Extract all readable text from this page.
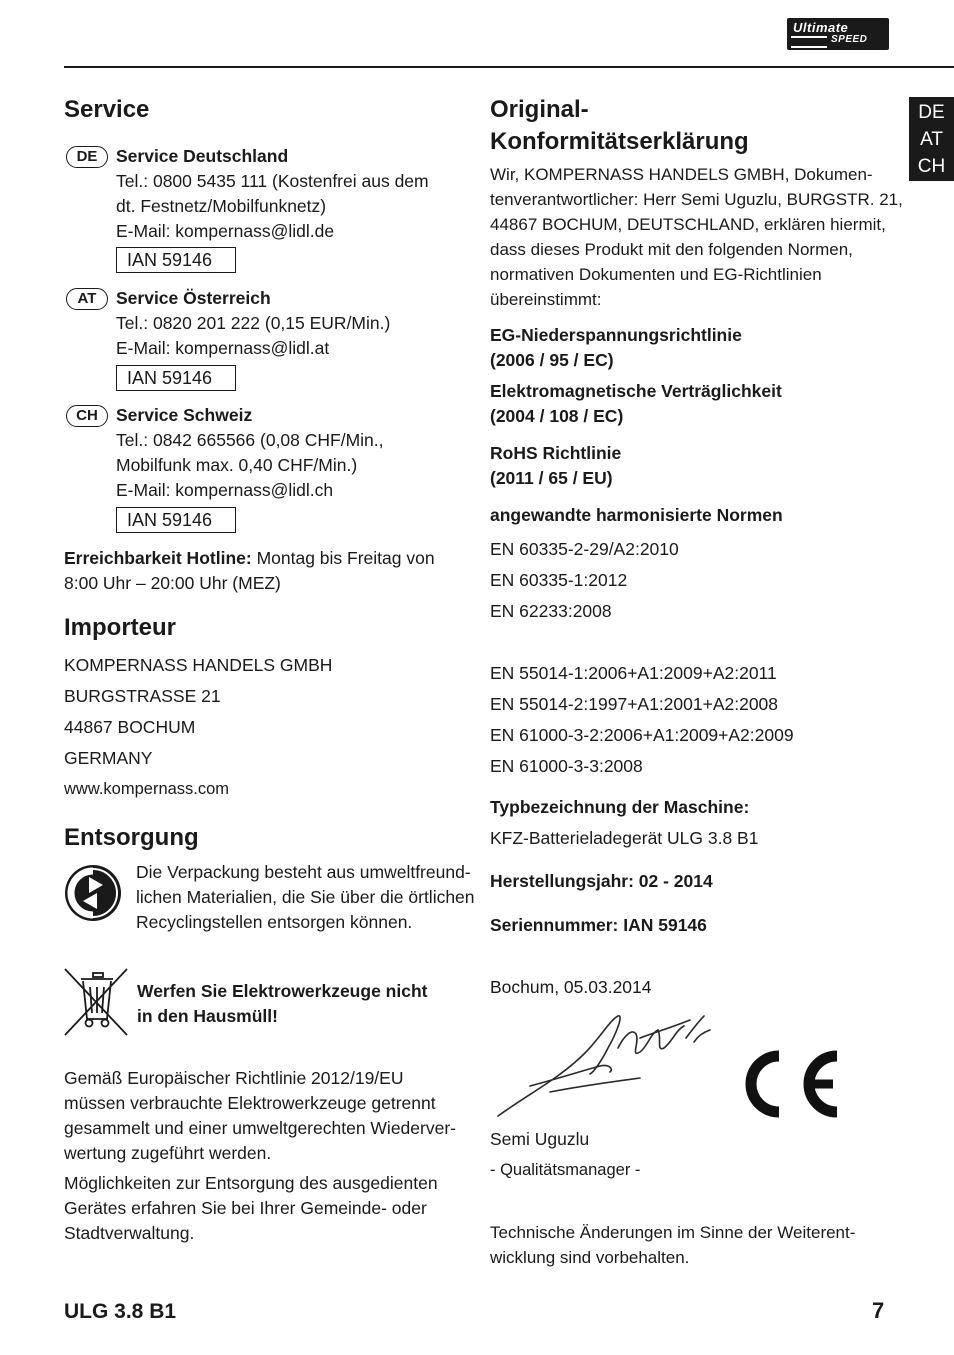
Ultimate
SPEED
DE
AT
CH
Service
DE	Service Deutschland
Tel.: 0800 5435 111 (Kostenfrei aus dem
dt. Festnetz/Mobilfunknetz)
E-Mail: kompernass@lidl.de
IAN 59146
AT	Service Österreich
Tel.: 0820 201 222 (0,15 EUR/Min.)
E-Mail: kompernass@lidl.at
IAN 59146
CH	Service Schweiz
Tel.: 0842 665566 (0,08 CHF/Min.,
Mobilfunk max. 0,40 CHF/Min.)
E-Mail: kompernass@lidl.ch
IAN 59146
Erreichbarkeit Hotline: Montag bis Freitag von
8:00 Uhr – 20:00 Uhr (MEZ)
Importeur
KOMPERNASS HANDELS GMBH
BURGSTRASSE 21
44867 BOCHUM
GERMANY
www.kompernass.com
Entsorgung
Die Verpackung besteht aus umweltfreund-
lichen Materialien, die Sie über die örtlichen
Recyclingstellen entsorgen können.
Werfen Sie Elektrowerkzeuge nicht
in den Hausmüll!
Gemäß Europäischer Richtlinie 2012/19/EU
müssen verbrauchte Elektrowerkzeuge getrennt
gesammelt und einer umweltgerechten Wiederver-
wertung zugeführt werden.
Möglichkeiten zur Entsorgung des ausgedienten
Gerätes erfahren Sie bei Ihrer Gemeinde- oder
Stadtverwaltung.
Original-
Konformitätserklärung
Wir, KOMPERNASS HANDELS GMBH, Dokumen-
tenverantwortlicher: Herr Semi Uguzlu, BURGSTR. 21,
44867 BOCHUM, DEUTSCHLAND, erklären hiermit,
dass dieses Produkt mit den folgenden Normen,
normativen Dokumenten und EG-Richtlinien
übereinstimmt:
EG-Niederspannungsrichtlinie
(2006 / 95 / EC)
Elektromagnetische Verträglichkeit
(2004 / 108 / EC)
RoHS Richtlinie
(2011 / 65 / EU)
angewandte harmonisierte Normen
EN 60335-2-29/A2:2010
EN 60335-1:2012
EN 62233:2008
EN 55014-1:2006+A1:2009+A2:2011
EN 55014-2:1997+A1:2001+A2:2008
EN 61000-3-2:2006+A1:2009+A2:2009
EN 61000-3-3:2008
Typbezeichnung der Maschine:
KFZ-Batterieladegerät ULG 3.8 B1
Herstellungsjahr: 02 - 2014
Seriennummer: IAN 59146
Bochum, 05.03.2014
Semi Uguzlu
- Qualitätsmanager -
Technische Änderungen im Sinne der Weiterent-
wicklung sind vorbehalten.
ULG 3.8 B1	7
